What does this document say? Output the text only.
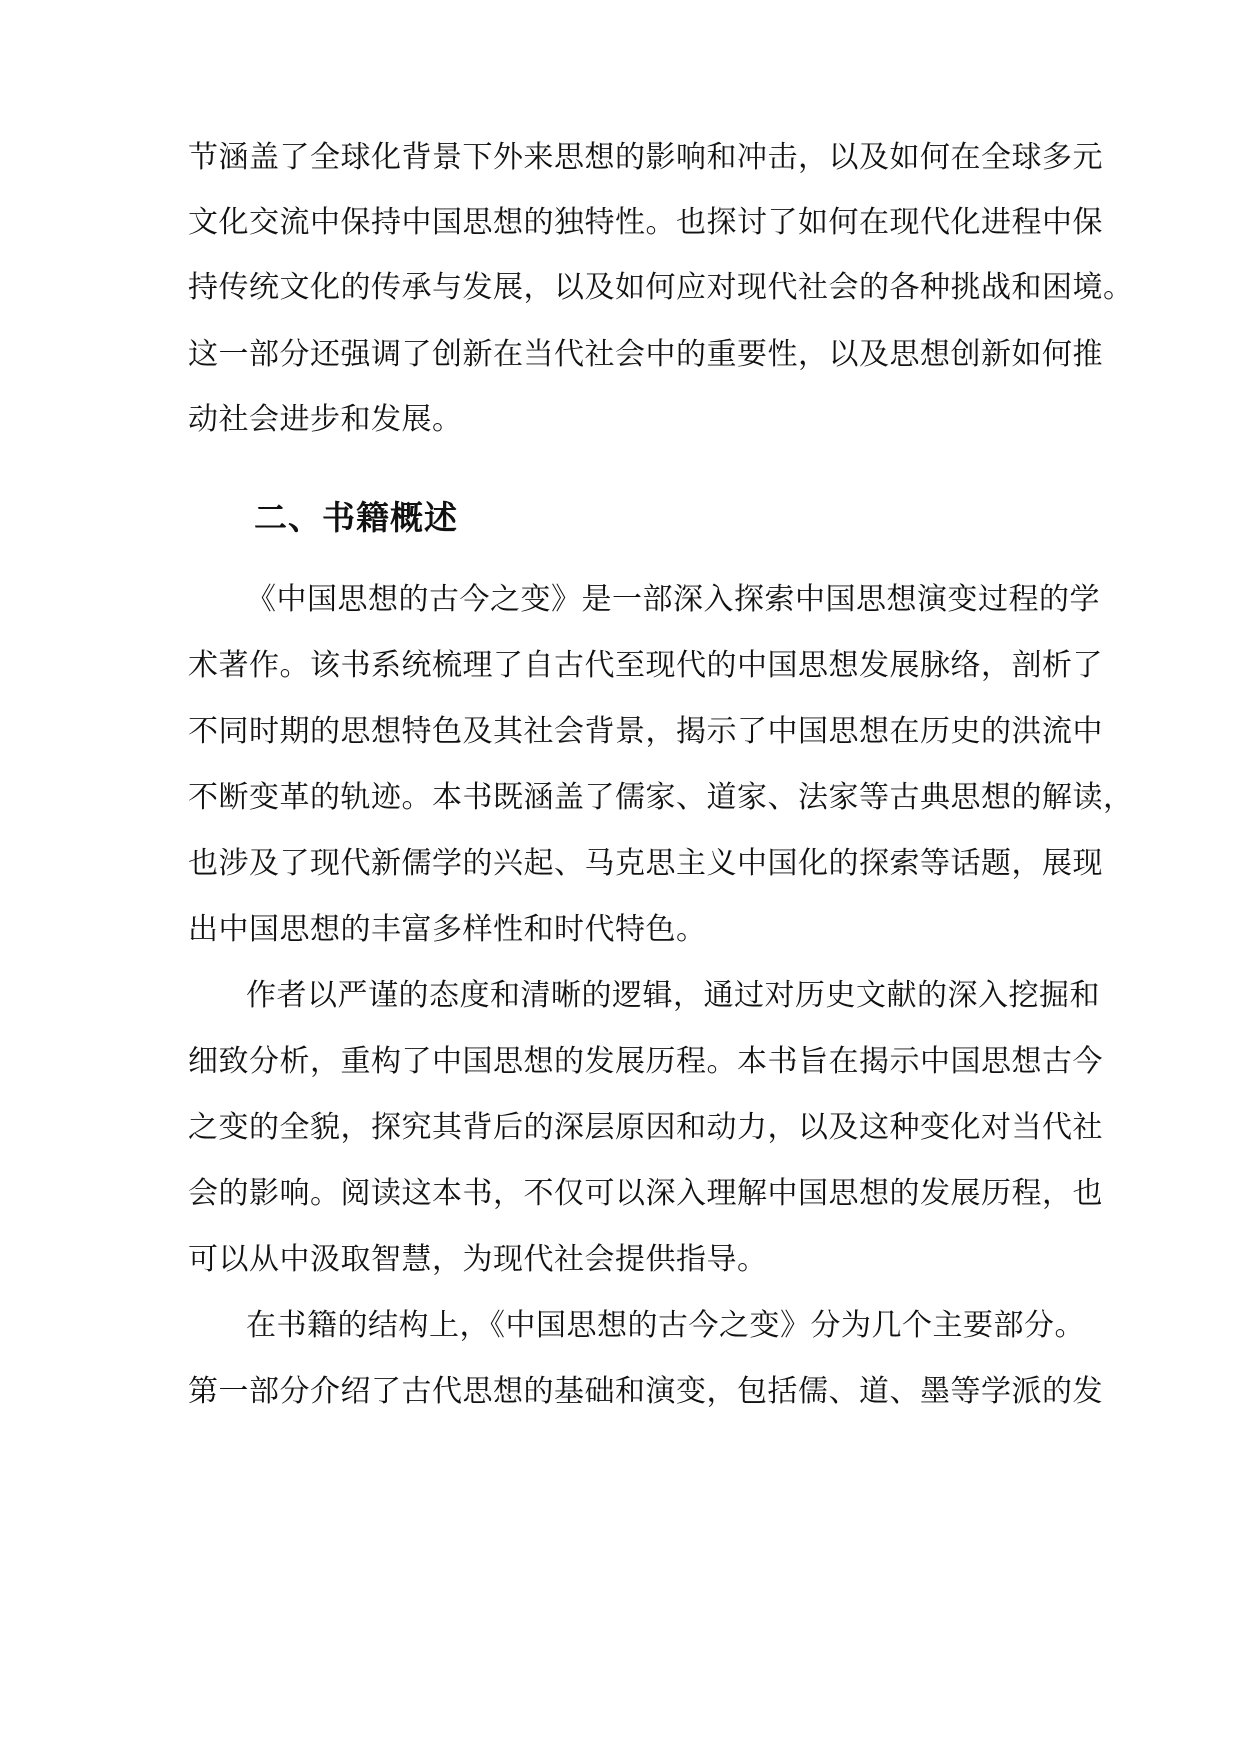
节涵盖了全球化背景下外来思想的影响和冲击，以及如何在全球多元
文化交流中保持中国思想的独特性。也探讨了如何在现代化进程中保
持传统文化的传承与发展，以及如何应对现代社会的各种挑战和困境。
这一部分还强调了创新在当代社会中的重要性，以及思想创新如何推
动社会进步和发展。
二、书籍概述
《中国思想的古今之变》是一部深入探索中国思想演变过程的学
术著作。该书系统梳理了自古代至现代的中国思想发展脉络，剖析了
不同时期的思想特色及其社会背景，揭示了中国思想在历史的洪流中
不断变革的轨迹。本书既涵盖了儒家、道家、法家等古典思想的解读，
也涉及了现代新儒学的兴起、马克思主义中国化的探索等话题，展现
出中国思想的丰富多样性和时代特色。
作者以严谨的态度和清晰的逻辑，通过对历史文献的深入挖掘和
细致分析，重构了中国思想的发展历程。本书旨在揭示中国思想古今
之变的全貌，探究其背后的深层原因和动力，以及这种变化对当代社
会的影响。阅读这本书，不仅可以深入理解中国思想的发展历程，也
可以从中汲取智慧，为现代社会提供指导。
在书籍的结构上，《中国思想的古今之变》分为几个主要部分。
第一部分介绍了古代思想的基础和演变，包括儒、道、墨等学派的发
